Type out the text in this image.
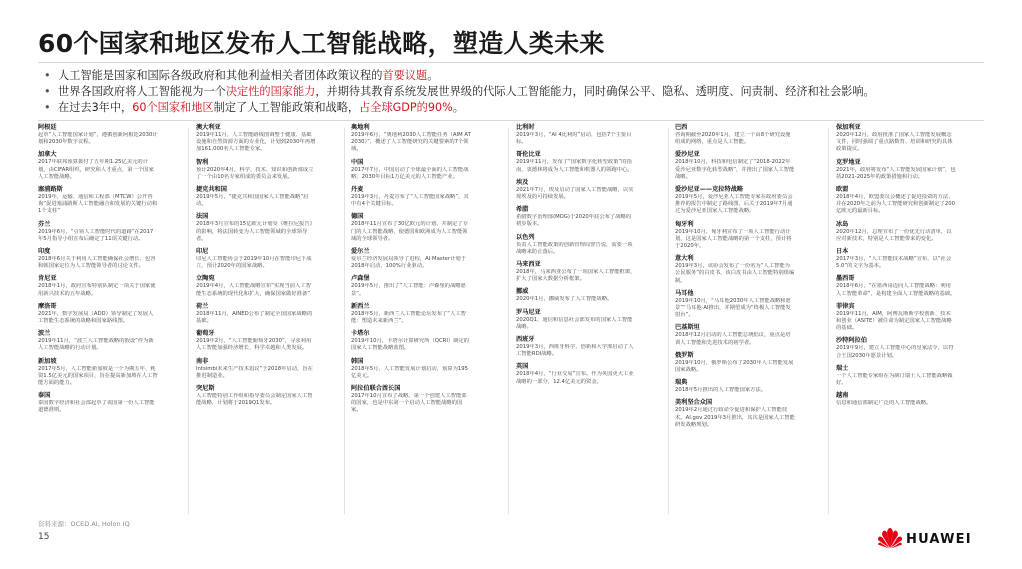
60个国家和地区发布人工智能战略，塑造人类未来
• 人工智能是国家和国际各级政府和其他利益相关者团体政策议程的首要议题。
• 世界各国政府将人工智能视为一个决定性的国家能力，并期待其教育系统发展世界级的代际人工智能能力，同时确保公平、隐私、透明度、问责制、经济和社会影响。
• 在过去3年中，60个国家和地区制定了人工智能政策和战略，占全球GDP的90%。
阿根廷
起草“人工智能国家计划”，遵循创新阿根廷2030计划和2030年数字议程。
加拿大
2017年联邦预算拨付了五年期1.25亿美元的计划，由CIFAR组织，研究和人才重点，第一个国家人工智能战略。
塞浦路斯
2019年，运输、通信和工程部（MTCW）公开咨询”促进塞浦路斯人工智能融合和发展的关键行动和1个支柱”
芬兰
2019年6月，“引领人工智能时代的道路”在2017年5月指导小组宣布后确定了11项关键行动。
印度
2018年6月关于利用人工智能确保社会增长、包容和韩国家定位为人工智能领导者的讨论文件。
肯尼亚
2018年1月，政府宣布特别队制定一项关于国家使用新兴技术的五年战略。
摩洛哥
2021年，数字发展局（ADD）领导制定了发展人工智能生态系统的战略和国家路线图。
波兰
2019年11月，“波兰人工智能战略的假设”作为新人工智能战略的行动计划。
新加坡
2017年5月，人工智能新加坡是一个为期五年、耗资1.5亿美元的国家项目，旨在提高新加坡在人工智能方面的能力。
泰国
泰国数字经济和社会部起草了该国第一份人工智能道德准则。
澳大利亚
2019年11月，人工智能路线图调整于健康、基础设施和自然资源方面的专业化，计划到2030年再增加161,000名人工智能专家。
智利
预计2020年4月，科学、技术、知识和创新部成立了一个由10名专家组成的委员会来发展。
捷克共和国
2019年5月，“捷克共和国国家人工智能战略”启动。
法国
2018年3月宣布的15亿欧元计划受《维拉尼报告》的影响，将法国转变为人工智能领域的全球领导者。
印尼
印尼人工智能协会于2019年10月在智能印尼下成立，预计2020年的国家战略。
立陶宛
2019年4月，人工智能战略宣布“实现当前人工智能生态系统的现代化和扩大，确保国家做好准备”
荷兰
2018年11月，AINED公布了制定全国国家战略的基础。
葡萄牙
2019年2月，“人工智能葡萄牙2030”，寻求利用人工智能加强经济增长、科学卓越和人类发展。
南非
Intsimbi未来生产技术倡议”于2018年启动，旨在推进制造业。
突尼斯
人工智能特别工作组和指导委员会制定国家人工智能战略，计划将于2019Q1发布。
奥地利
2019年6月，“奥地利2030人工智能任务（AIM AT 2030）”，概述了人工智能研究的关键要素的7个领域。
中国
2017年7月，中国启动了全球最全面的人工智能战略，2030年目标1万亿美元的人工智能产业。
丹麦
2019年3月，丹麦宣布了“人工智能国家战略”，其中有4个关键目标。
德国
2018年11月宣布了30亿欧元的计划，并制定了专门的人工智能战略，使德国和欧洲成为人工智能领域的全球领导者。
爱尔兰
爱尔兰经济发展局领导了进程，AI Master计划于2018年启动，100%行业驱动。
卢森堡
2019年5月，推出了“人工智能：卢森堡的战略愿景”。
新西兰
2018年5月，新西兰人工智能论坛发布了“人工智能：塑造未来新西兰”。
卡塔尔
2019年10月，卡塔尔计算研究所（QCRI）制定的国家人工智能战略蓝图。
韩国
2018年5月，人工智能发展计划启动，预算为195亿美元。
阿拉伯联合酋长国
2017年10月宣布了战略，第一个创建人工智能部的国家，也是中东第一个启动人工智能战略的国家。
比利时
2019年3月，“AI 4比利时”启动，包括7个主要目标。
哥伦比亚
2019年11月，发布了“国家数字化转型政策”的指南，衷德林将成为人工智能和机器人的领跑中心。
埃及
2021年7月，埃及启动了国家人工智能战略，以实现埃及的可持续发展。
希腊
希腊数字治理部(MDG)于2020年底公布了战略的初步版本。
以色列
负责人工智能政策的创新管理局警告说，需要一项战略来防止落后。
马来西亚
2018年，马来西亚公布了一项国家人工智能框架，扩大了国家大数据分析框架。
挪威
2020年1月，挪威发布了人工智能战略。
罗马尼亚
2020Q1，通信和信息社会部发布的国家人工智能战略。
西班牙
2019年3月，西班牙科学、创新和大学部启动了人工智能RDI战略。
英国
2018年4月，“行业交易”宣布。作为英国更大工业战略的一部分，12.4亿美元的资金。
巴西
咨询期截至2020年1月，建立一个由8个研究设施组成的网络，重点是人工智能。
爱沙尼亚
2018年10月，科技和电信制定了“2018-2022年爱沙尼亚数字化转型战略”，并推出了国家人工智能战略。
爱沙尼亚——克拉特战略
2019年5月，爱沙尼亚人工智能专家在政府委员会推荐的报告中制定了路线图，后关于2019年7月通过为爱沙尼亚国家人工智能战略。
匈牙利
2019年10月，匈牙利宣布了一项人工智能行动计划，这是国家人工智能战略的第一个支柱，预计将于2020年。
意大利
2019年3月，该协会发布了一份名为“人工智能为公民服务”的白皮书，该白皮书由人工智能特别组编制。
马耳他
2019年10月，“马耳他2030年人工智能战略和愿景”“马耳他·AI推出，并期望成为“终极人工智能发射台”。
巴基斯坦
2018年12月启动的人工智能总统倡议，重点是培训人工智能和先进技术的初学者。
俄罗斯
2019年10月，俄罗斯公布了2030年人工智能发展国家战略。
瑞典
2018年5月推出的人工智能国家方法。
美利坚合众国
2019年2月通过行政命令促进和保护人工智能技术。AI.gov 2019年3月推出，其次是国家人工智能研发战略规划。
保加利亚
2020年12月，政府批准了国家人工智能发展概念文件，同时强调了重点路数育、培训和研究的具体政策提议。
克罗地亚
2021年，政府将发布“人工智能发展国家计划”，包括2021-2025年的政策措施和行动。
欧盟
2018年4月，欧盟委员会概述了促进投资的方法，并在2020年之前为人工智能研究和创新制定了200亿欧元的最新目标。
冰岛
2020年12月，总理宣布了一份优先行动清单，以应对新技术，特别是人工智能带来的变化。
日本
2017年3月，“人工智能技术战略”宣布，以“社会5.0”的文字为基本。
墨西哥
2018年6月，“在墨西哥迈向人工智能战略：利用人工智能革命”，是构建全面人工智能战略的基础。
菲律宾
2019年11月，AIM，阿博瓦斯斯学校创新、技术和创业（ASITE）被任命为制定国家人工智能战略的基础。
沙特阿拉伯
2019年9月，建立人工智能中心的皇家法令，以符合王国2030年愿景计划。
瑞士
一个人工智能专家组在为制订瑞士人工智能战略做好。
越南
信息和通信部制定广泛的人工智能战略。
资料来源：OCED.AI, Holon IQ
15	HUAWEI
